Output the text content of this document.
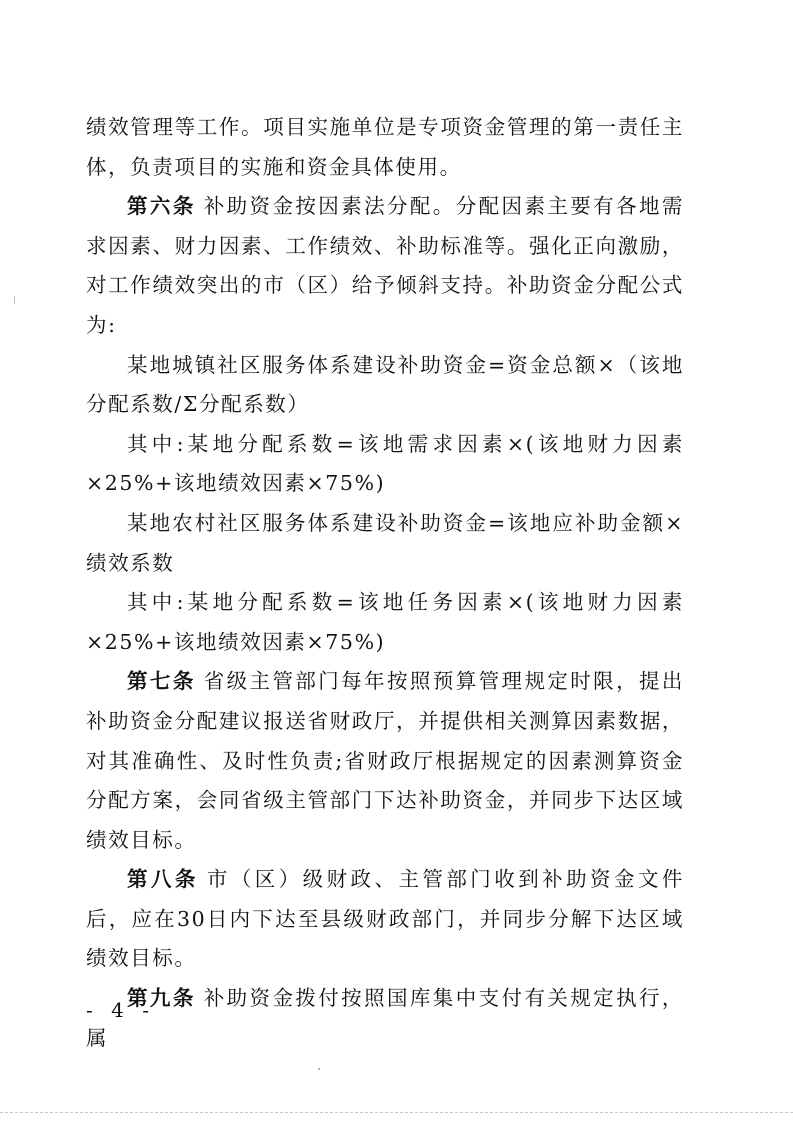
绩效管理等工作。项目实施单位是专项资金管理的第一责任主体，负责项目的实施和资金具体使用。

第六条 补助资金按因素法分配。分配因素主要有各地需求因素、财力因素、工作绩效、补助标准等。强化正向激励，对工作绩效突出的市（区）给予倾斜支持。补助资金分配公式为:

某地城镇社区服务体系建设补助资金=资金总额×（该地分配系数/Σ分配系数）

其中:某地分配系数=该地需求因素×(该地财力因素×25%+该地绩效因素×75%)

某地农村社区服务体系建设补助资金=该地应补助金额×绩效系数

其中:某地分配系数=该地任务因素×(该地财力因素×25%+该地绩效因素×75%)

第七条 省级主管部门每年按照预算管理规定时限，提出补助资金分配建议报送省财政厅，并提供相关测算因素数据，对其准确性、及时性负责;省财政厅根据规定的因素测算资金分配方案，会同省级主管部门下达补助资金，并同步下达区域绩效目标。

第八条 市（区）级财政、主管部门收到补助资金文件后，应在30日内下达至县级财政部门，并同步分解下达区域绩效目标。

第九条 补助资金拨付按照国库集中支付有关规定执行，属

- 4 -
